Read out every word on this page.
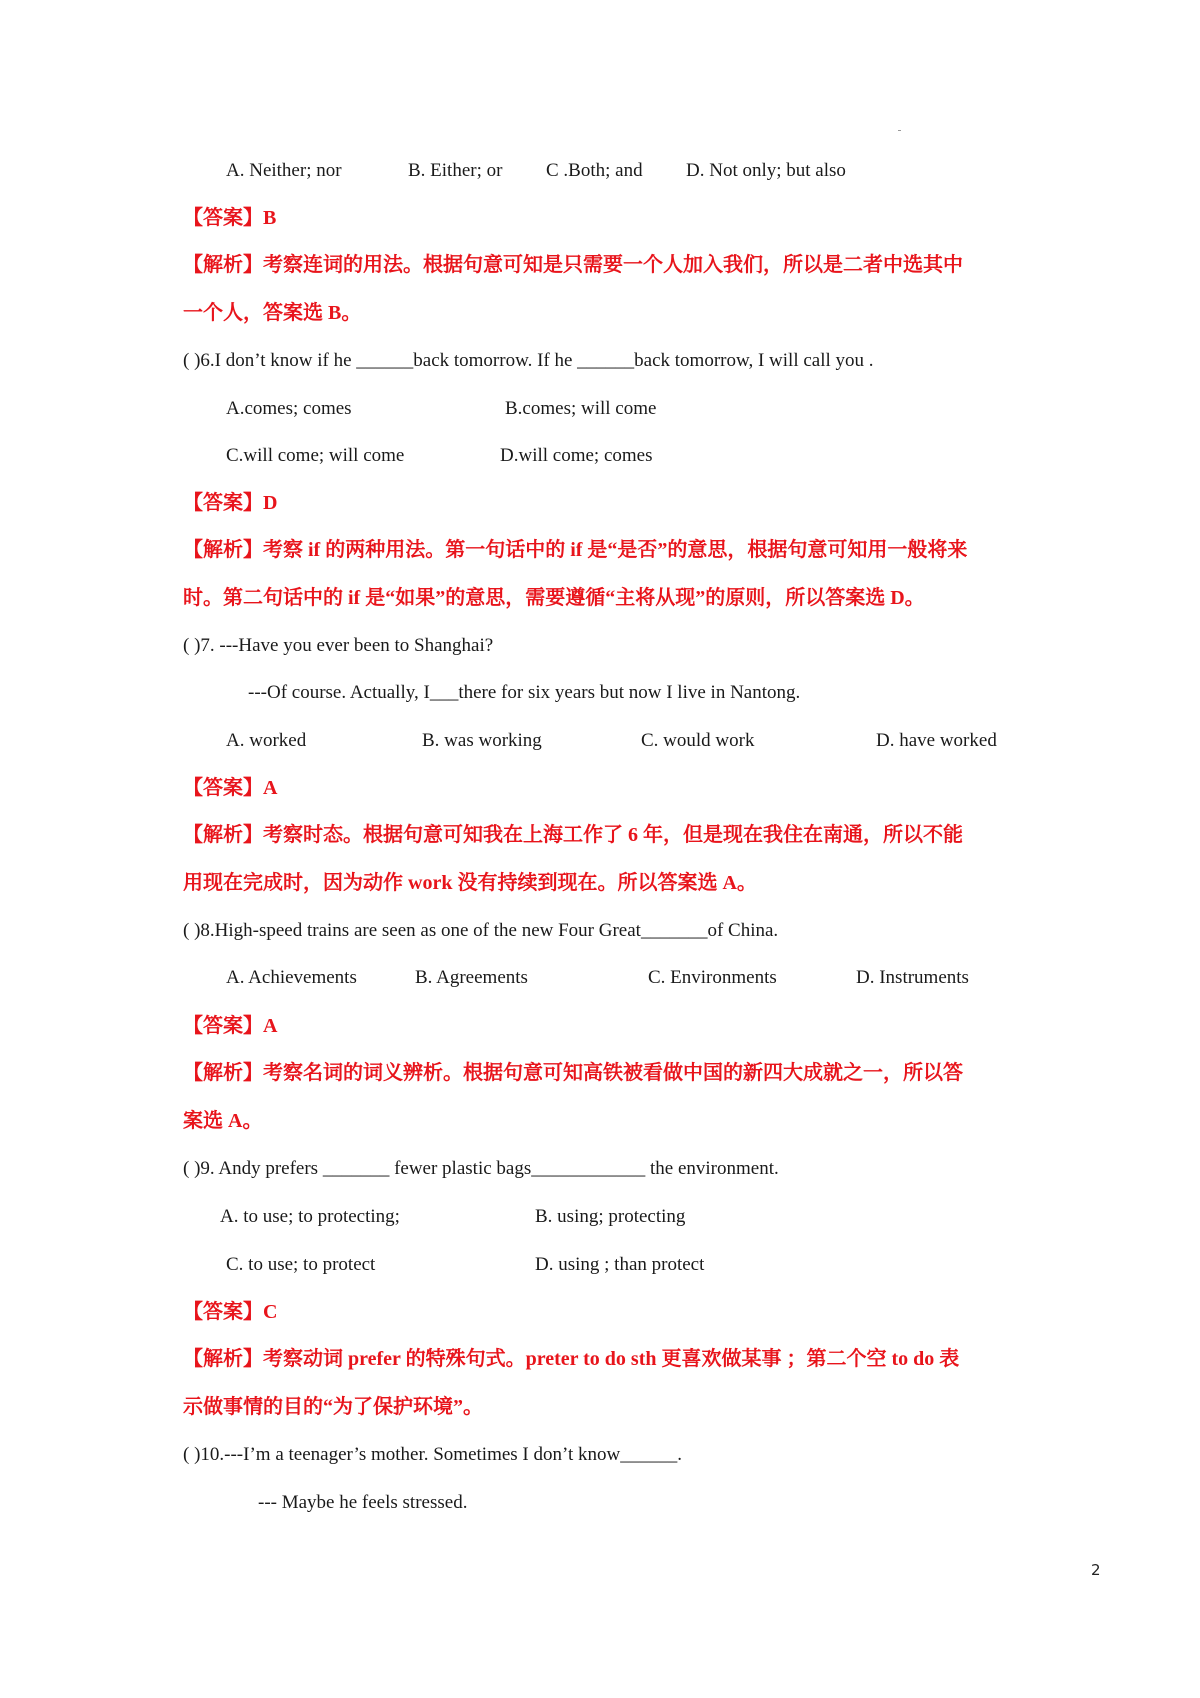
A. Neither; nor	B. Either; or C .Both; and D. Not only; but also
【答案】B
【解析】考察连词的用法。根据句意可知是只需要一个人加入我们，所以是二者中选其中
一个人，答案选 B。
( )6.I don’t know if he ______back tomorrow. If he ______back tomorrow, I will call you .
A.comes; comes	B.comes; will come
C.will come; will come	D.will come; comes
【答案】D
【解析】考察 if 的两种用法。第一句话中的 if 是“是否”的意思，根据句意可知用一般将来
时。第二句话中的 if 是“如果”的意思，需要遵循“主将从现”的原则，所以答案选 D。
( )7. ---Have you ever been to Shanghai?
---Of course. Actually, I___there for six years but now I live in Nantong.
A. worked	B. was working	C. would work	D. have worked
【答案】A
【解析】考察时态。根据句意可知我在上海工作了 6 年，但是现在我住在南通，所以不能
用现在完成时，因为动作 work 没有持续到现在。所以答案选 A。
( )8.High-speed trains are seen as one of the new Four Great_______of China.
A. Achievements	B. Agreements	C. Environments	D. Instruments
【答案】A
【解析】考察名词的词义辨析。根据句意可知高铁被看做中国的新四大成就之一，所以答
案选 A。
( )9. Andy prefers _______ fewer plastic bags____________ the environment.
A. to use; to protecting;	B. using; protecting
C. to use; to protect	D. using ; than protect
【答案】C
【解析】考察动词 prefer 的特殊句式。preter to do sth 更喜欢做某事 ；第二个空 to do 表
示做事情的目的“为了保护环境”。
( )10.---I’m a teenager’s mother. Sometimes I don’t know______.
--- Maybe he feels stressed.
2
